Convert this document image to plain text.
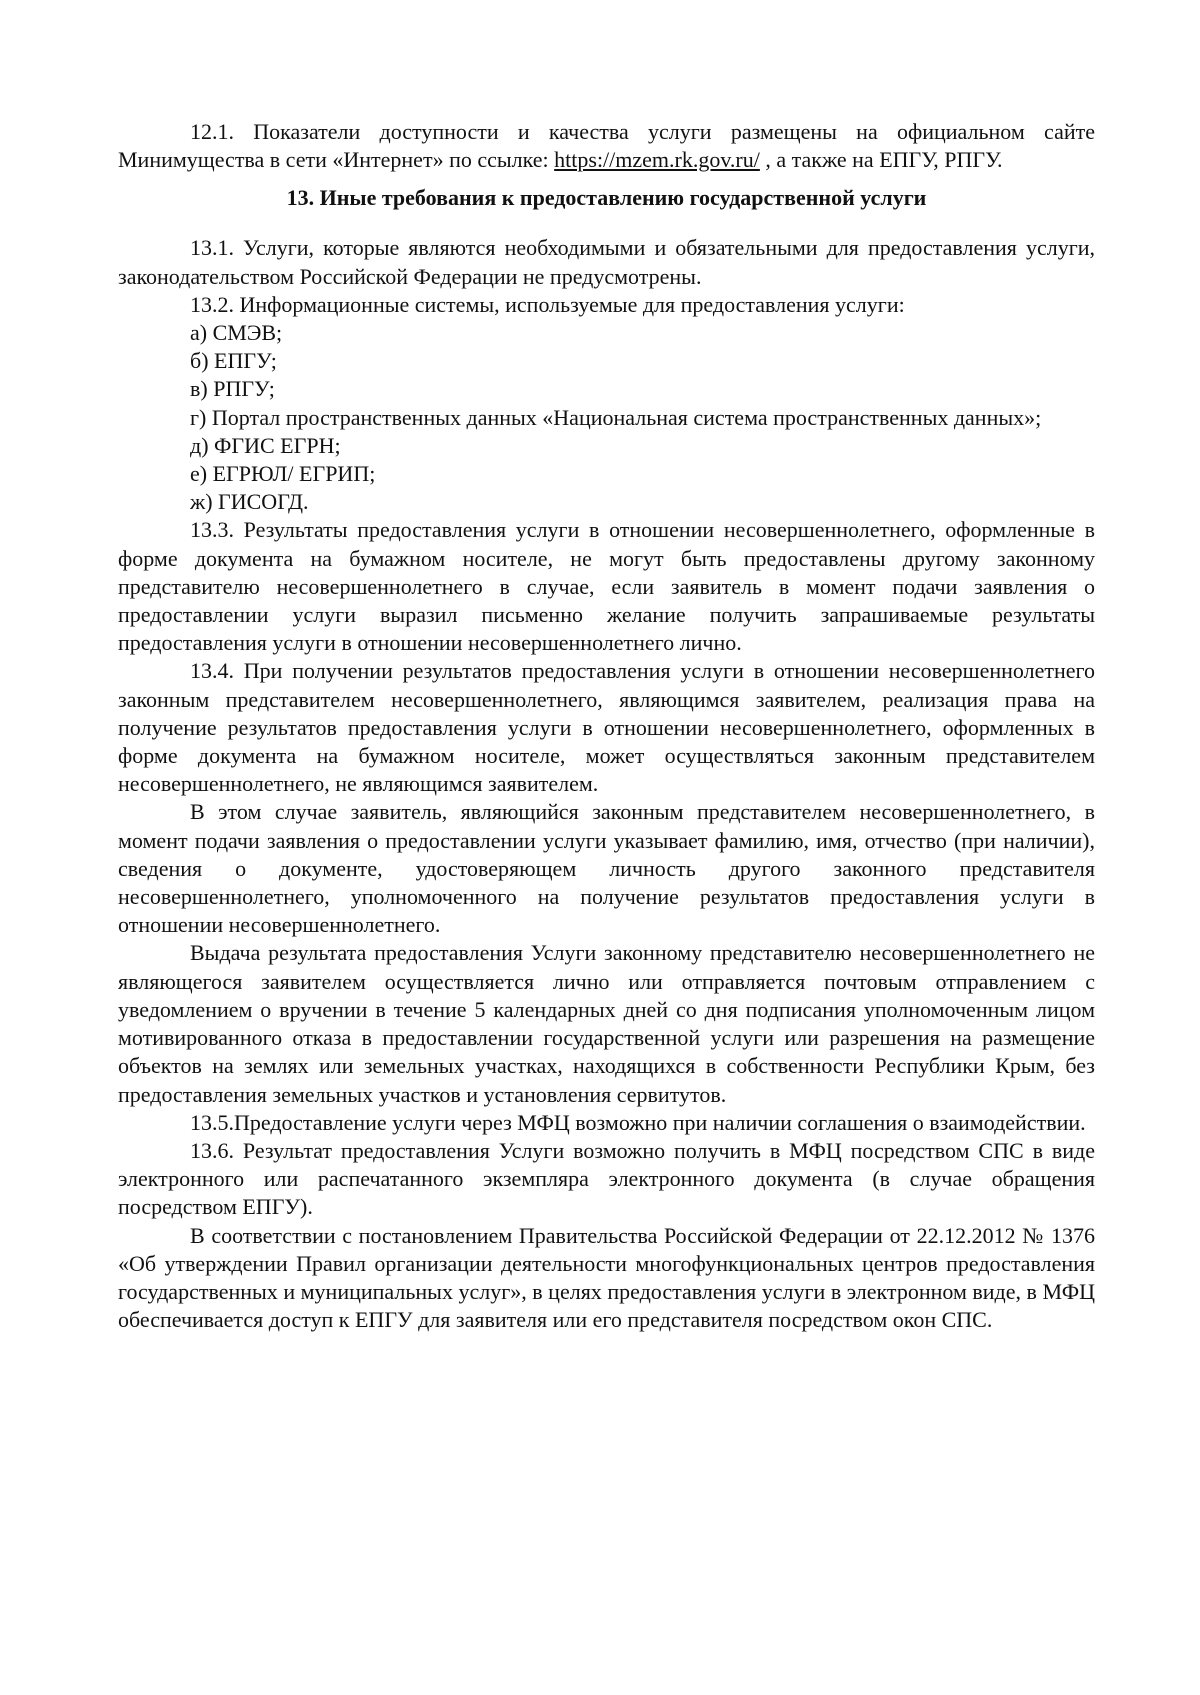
12.1. Показатели доступности и качества услуги размещены на официальном сайте Минимущества в сети «Интернет» по ссылке: https://mzem.rk.gov.ru/ , а также на ЕПГУ, РПГУ.

13. Иные требования к предоставлению государственной услуги

13.1. Услуги, которые являются необходимыми и обязательными для предоставления услуги, законодательством Российской Федерации не предусмотрены.

13.2. Информационные системы, используемые для предоставления услуги:

а) СМЭВ;

б) ЕПГУ;

в) РПГУ;

г) Портал пространственных данных «Национальная система пространственных данных»;

д) ФГИС ЕГРН;

е) ЕГРЮЛ/ ЕГРИП;

ж) ГИСОГД.

13.3. Результаты предоставления услуги в отношении несовершеннолетнего, оформленные в форме документа на бумажном носителе, не могут быть предоставлены другому законному представителю несовершеннолетнего в случае, если заявитель в момент подачи заявления о предоставлении услуги выразил письменно желание получить запрашиваемые результаты предоставления услуги в отношении несовершеннолетнего лично.

13.4. При получении результатов предоставления услуги в отношении несовершеннолетнего законным представителем несовершеннолетнего, являющимся заявителем, реализация права на получение результатов предоставления услуги в отношении несовершеннолетнего, оформленных в форме документа на бумажном носителе, может осуществляться законным представителем несовершеннолетнего, не являющимся заявителем.

В этом случае заявитель, являющийся законным представителем несовершеннолетнего, в момент подачи заявления о предоставлении услуги указывает фамилию, имя, отчество (при наличии), сведения о документе, удостоверяющем личность другого законного представителя несовершеннолетнего, уполномоченного на получение результатов предоставления услуги в отношении несовершеннолетнего.

Выдача результата предоставления Услуги законному представителю несовершеннолетнего не являющегося заявителем осуществляется лично или отправляется почтовым отправлением с уведомлением о вручении в течение 5 календарных дней со дня подписания уполномоченным лицом мотивированного отказа в предоставлении государственной услуги или разрешения на размещение объектов на землях или земельных участках, находящихся в собственности Республики Крым, без предоставления земельных участков и установления сервитутов.

13.5.Предоставление услуги через МФЦ возможно при наличии соглашения о взаимодействии.

13.6. Результат предоставления Услуги возможно получить в МФЦ посредством СПС в виде электронного или распечатанного экземпляра электронного документа (в случае обращения посредством ЕПГУ).

В соответствии с постановлением Правительства Российской Федерации от 22.12.2012 № 1376 «Об утверждении Правил организации деятельности многофункциональных центров предоставления государственных и муниципальных услуг», в целях предоставления услуги в электронном виде, в МФЦ обеспечивается доступ к ЕПГУ для заявителя или его представителя посредством окон СПС.
